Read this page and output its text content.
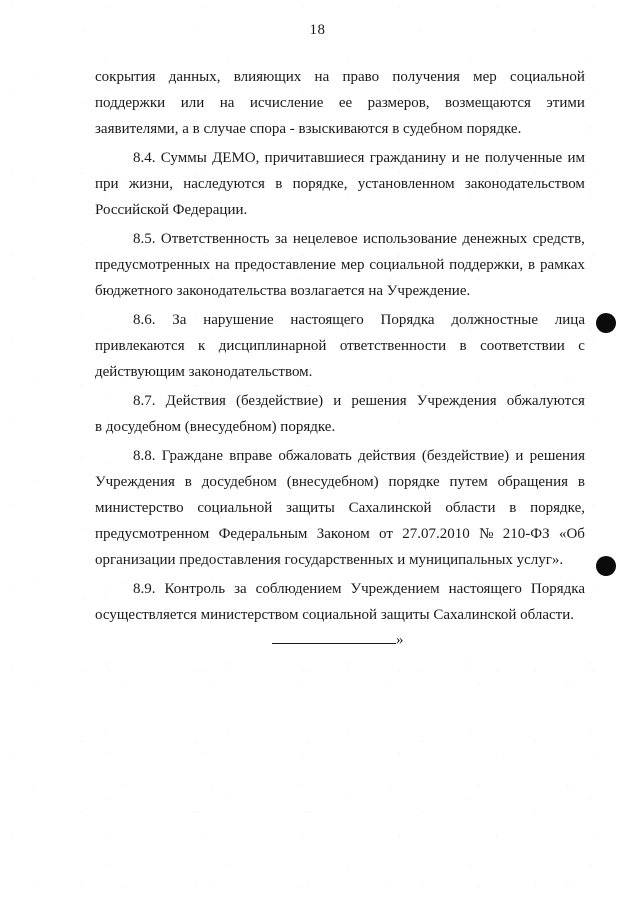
18
сокрытия данных, влияющих на право получения мер социальной
поддержки или на исчисление ее размеров, возмещаются этими
заявителями, а в случае спора - взыскиваются в судебном порядке.
8.4. Суммы ДЕМО, причитавшиеся гражданину и не полученные им
при жизни, наследуются в порядке, установленном законодательством
Российской Федерации.
8.5. Ответственность за нецелевое использование денежных средств,
предусмотренных на предоставление мер социальной поддержки, в рамках
бюджетного законодательства возлагается на Учреждение.
8.6. За нарушение настоящего Порядка должностные лица
привлекаются к дисциплинарной ответственности в соответствии с
действующим законодательством.
8.7. Действия (бездействие) и решения Учреждения обжалуются
в досудебном (внесудебном) порядке.
8.8. Граждане вправе обжаловать действия (бездействие) и решения
Учреждения в досудебном (внесудебном) порядке путем обращения в
министерство социальной защиты Сахалинской области в порядке,
предусмотренном Федеральным Законом от 27.07.2010 № 210-ФЗ «Об
организации предоставления государственных и муниципальных услуг».
8.9. Контроль за соблюдением Учреждением настоящего Порядка
осуществляется министерством социальной защиты Сахалинской области.
»
